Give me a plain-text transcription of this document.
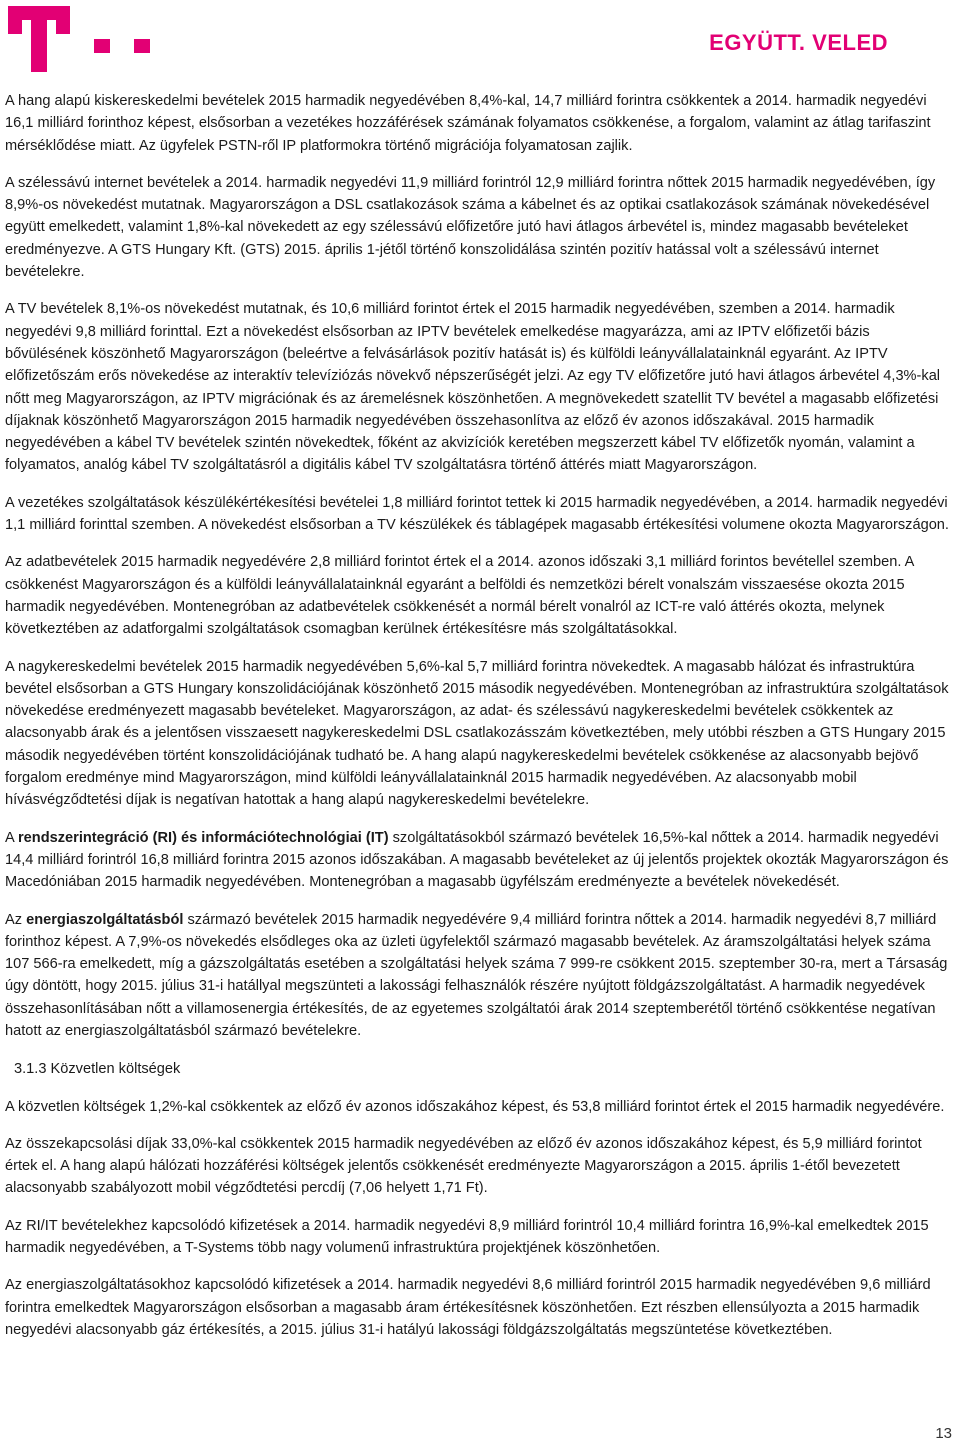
EGYÜTT. VELED

A hang alapú kiskereskedelmi bevételek 2015 harmadik negyedévében 8,4%-kal, 14,7 milliárd forintra csökkentek a 2014. harmadik negyedévi 16,1 milliárd forinthoz képest, elsősorban a vezetékes hozzáférések számának folyamatos csökkenése, a forgalom, valamint az átlag tarifaszint mérséklődése miatt. Az ügyfelek PSTN-ről IP platformokra történő migrációja folyamatosan zajlik.

A szélessávú internet bevételek a 2014. harmadik negyedévi 11,9 milliárd forintról 12,9 milliárd forintra nőttek 2015 harmadik negyedévében, így 8,9%-os növekedést mutatnak. Magyarországon a DSL csatlakozások száma a kábelnet és az optikai csatlakozások számának növekedésével együtt emelkedett, valamint 1,8%-kal növekedett az egy szélessávú előfizetőre jutó havi átlagos árbevétel is, mindez magasabb bevételeket eredményezve. A GTS Hungary Kft. (GTS) 2015. április 1-jétől történő konszolidálása szintén pozitív hatással volt a szélessávú internet bevételekre.

A TV bevételek 8,1%-os növekedést mutatnak, és 10,6 milliárd forintot értek el 2015 harmadik negyedévében, szemben a 2014. harmadik negyedévi 9,8 milliárd forinttal. Ezt a növekedést elsősorban az IPTV bevételek emelkedése magyarázza, ami az IPTV előfizetői bázis bővülésének köszönhető Magyarországon (beleértve a felvásárlások pozitív hatását is) és külföldi leányvállalatainknál egyaránt. Az IPTV előfizetőszám erős növekedése az interaktív televíziózás növekvő népszerűségét jelzi. Az egy TV előfizetőre jutó havi átlagos árbevétel 4,3%-kal nőtt meg Magyarországon, az IPTV migrációnak és az áremelésnek köszönhetően. A megnövekedett szatellit TV bevétel a magasabb előfizetési díjaknak köszönhető Magyarországon 2015 harmadik negyedévében összehasonlítva az előző év azonos időszakával. 2015 harmadik negyedévében a kábel TV bevételek szintén növekedtek, főként az akvizíciók keretében megszerzett kábel TV előfizetők nyomán, valamint a folyamatos, analóg kábel TV szolgáltatásról a digitális kábel TV szolgáltatásra történő áttérés miatt Magyarországon.

A vezetékes szolgáltatások készülékértékesítési bevételei 1,8 milliárd forintot tettek ki 2015 harmadik negyedévében, a 2014. harmadik negyedévi 1,1 milliárd forinttal szemben. A növekedést elsősorban a TV készülékek és táblagépek magasabb értékesítési volumene okozta Magyarországon.

Az adatbevételek 2015 harmadik negyedévére 2,8 milliárd forintot értek el a 2014. azonos időszaki 3,1 milliárd forintos bevétellel szemben. A csökkenést Magyarországon és a külföldi leányvállalatainknál egyaránt a belföldi és nemzetközi bérelt vonalszám visszaesése okozta 2015 harmadik negyedévében. Montenegróban az adatbevételek csökkenését a normál bérelt vonalról az ICT-re való áttérés okozta, melynek következtében az adatforgalmi szolgáltatások csomagban kerülnek értékesítésre más szolgáltatásokkal.

A nagykereskedelmi bevételek 2015 harmadik negyedévében 5,6%-kal 5,7 milliárd forintra növekedtek. A magasabb hálózat és infrastruktúra bevétel elsősorban a GTS Hungary konszolidációjának köszönhető 2015 második negyedévében. Montenegróban az infrastruktúra szolgáltatások növekedése eredményezett magasabb bevételeket. Magyarországon, az adat- és szélessávú nagykereskedelmi bevételek csökkentek az alacsonyabb árak és a jelentősen visszaesett nagykereskedelmi DSL csatlakozásszám következtében, mely utóbbi részben a GTS Hungary 2015 második negyedévében történt konszolidációjának tudható be. A hang alapú nagykereskedelmi bevételek csökkenése az alacsonyabb bejövő forgalom eredménye mind Magyarországon, mind külföldi leányvállalatainknál 2015 harmadik negyedévében. Az alacsonyabb mobil hívásvégződtetési díjak is negatívan hatottak a hang alapú nagykereskedelmi bevételekre.

A rendszerintegráció (RI) és információtechnológiai (IT) szolgáltatásokból származó bevételek 16,5%-kal nőttek a 2014. harmadik negyedévi 14,4 milliárd forintról 16,8 milliárd forintra 2015 azonos időszakában. A magasabb bevételeket az új jelentős projektek okozták Magyarországon és Macedóniában 2015 harmadik negyedévében. Montenegróban a magasabb ügyfélszám eredményezte a bevételek növekedését.

Az energiaszolgáltatásból származó bevételek 2015 harmadik negyedévére 9,4 milliárd forintra nőttek a 2014. harmadik negyedévi 8,7 milliárd forinthoz képest. A 7,9%-os növekedés elsődleges oka az üzleti ügyfelektől származó magasabb bevételek. Az áramszolgáltatási helyek száma 107 566-ra emelkedett, míg a gázszolgáltatás esetében a szolgáltatási helyek száma 7 999-re csökkent 2015. szeptember 30-ra, mert a Társaság úgy döntött, hogy 2015. július 31-i hatállyal megszünteti a lakossági felhasználók részére nyújtott földgázszolgáltatást. A harmadik negyedévek összehasonlításában nőtt a villamosenergia értékesítés, de az egyetemes szolgáltatói árak 2014 szeptemberétől történő csökkentése negatívan hatott az energiaszolgáltatásból származó bevételekre.

3.1.3 Közvetlen költségek

A közvetlen költségek 1,2%-kal csökkentek az előző év azonos időszakához képest, és 53,8 milliárd forintot értek el 2015 harmadik negyedévére.

Az összekapcsolási díjak 33,0%-kal csökkentek 2015 harmadik negyedévében az előző év azonos időszakához képest, és 5,9 milliárd forintot értek el. A hang alapú hálózati hozzáférési költségek jelentős csökkenését eredményezte Magyarországon a 2015. április 1-étől bevezetett alacsonyabb szabályozott mobil végződtetési percdíj (7,06 helyett 1,71 Ft).

Az RI/IT bevételekhez kapcsolódó kifizetések a 2014. harmadik negyedévi 8,9 milliárd forintról 10,4 milliárd forintra 16,9%-kal emelkedtek 2015 harmadik negyedévében, a T-Systems több nagy volumenű infrastruktúra projektjének köszönhetően.

Az energiaszolgáltatásokhoz kapcsolódó kifizetések a 2014. harmadik negyedévi 8,6 milliárd forintról 2015 harmadik negyedévében 9,6 milliárd forintra emelkedtek Magyarországon elsősorban a magasabb áram értékesítésnek köszönhetően. Ezt részben ellensúlyozta a 2015 harmadik negyedévi alacsonyabb gáz értékesítés, a 2015. július 31-i hatályú lakossági földgázszolgáltatás megszüntetése következtében.

13
